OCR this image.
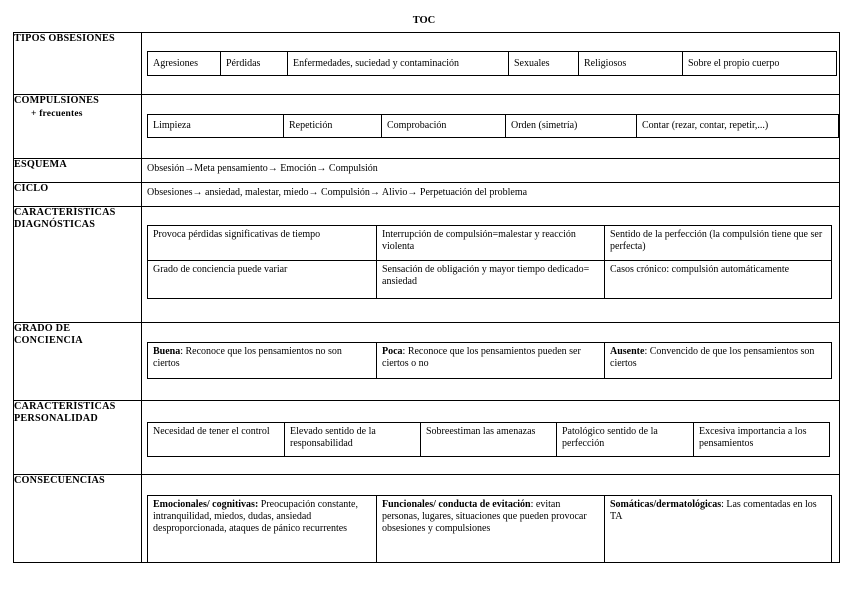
TOC
TIPOS OBSESIONES	
Agresiones	Pérdidas	Enfermedades, suciedad y contaminación	Sexuales	Religiosos	Sobre el propio cuerpo

COMPULSIONES
+ frecuentes

Limpieza	Repetición	Comprobación	Orden (simetría)	Contar (rezar, contar, repetir,...)

ESQUEMA	Obsesión→Meta pensamiento→ Emoción→ Compulsión

CICLO	Obsesiones→ ansiedad, malestar, miedo→ Compulsión→ Alivio→ Perpetuación del problema

CARACTERÍSTICAS
DIAGNÓSTICAS	
Provoca pérdidas significativas de tiempo	Interrupción de compulsión=malestar y reacción violenta	Sentido de la perfección (la compulsión tiene que ser perfecta)
Grado de conciencia puede variar	Sensación de obligación y mayor tiempo dedicado= ansiedad	Casos crónico: compulsión automáticamente

GRADO DE
CONCIENCIA	
Buena: Reconoce que los pensamientos no son ciertos	Poca: Reconoce que los pensamientos pueden ser ciertos o no	Ausente: Convencido de que los pensamientos son ciertos

CARACTERÍSTICAS
PERSONALIDAD	
Necesidad de tener el control	Elevado sentido de la responsabilidad	Sobreestiman las amenazas	Patológico sentido de la perfección	Excesiva importancia a los pensamientos

CONSECUENCIAS	
Emocionales/ cognitivas: Preocupación constante, intranquilidad, miedos, dudas, ansiedad desproporcionada, ataques de pánico recurrentes	Funcionales/ conducta de evitación: evitan personas, lugares, situaciones que pueden provocar obsesiones y compulsiones	Somáticas/dermatológicas: Las comentadas en los TA
